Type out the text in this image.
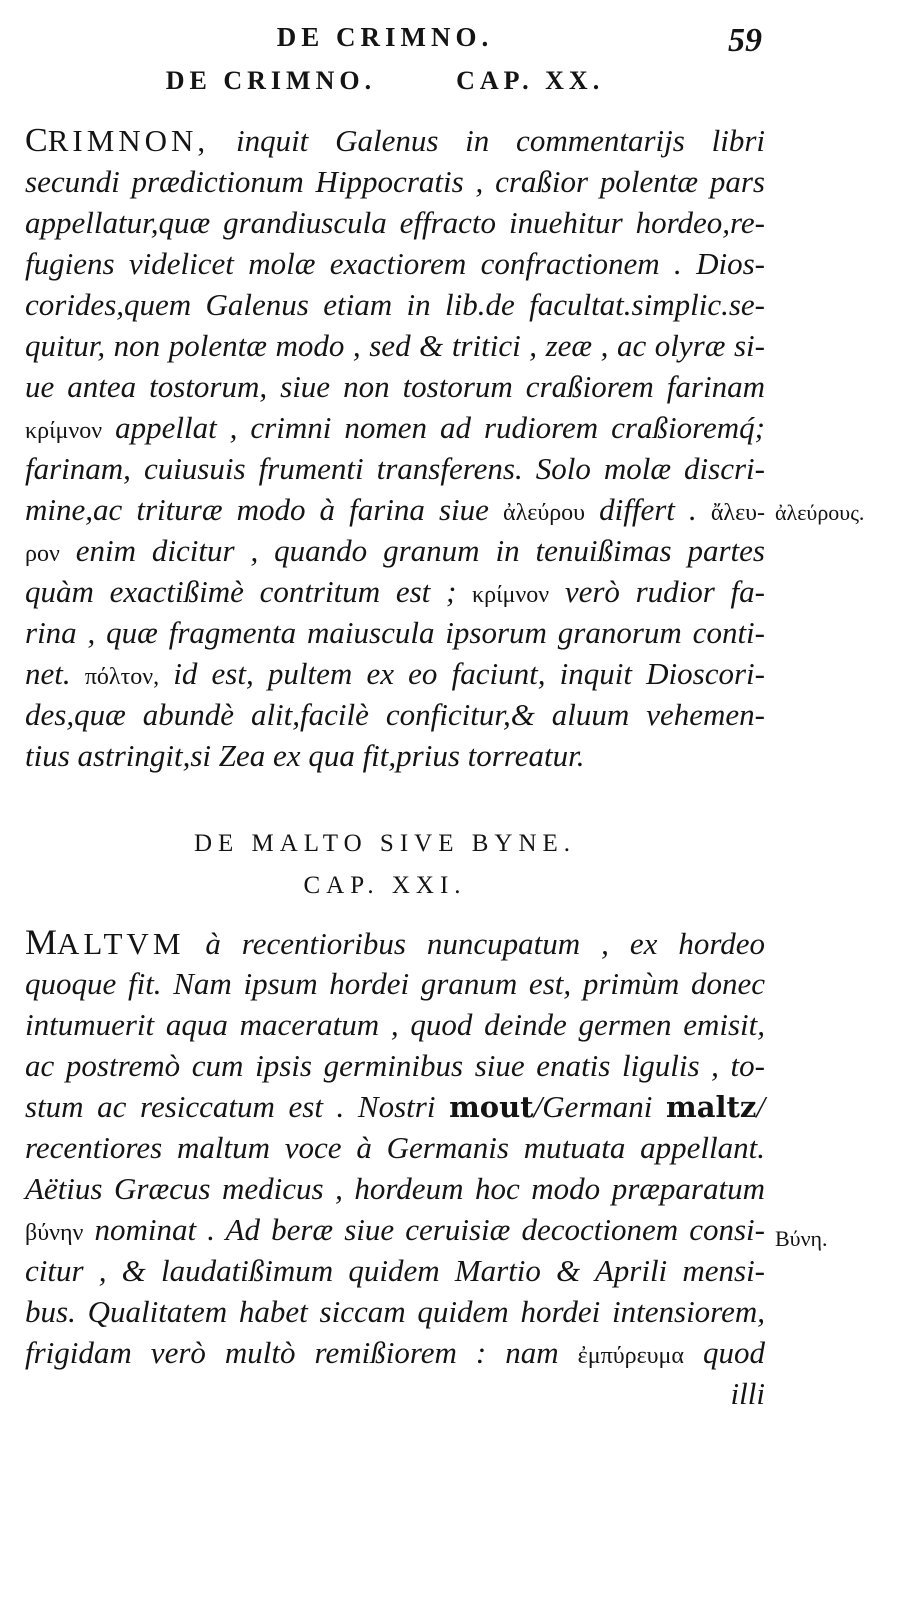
DE CRIMNO.	59
DE CRIMNO.	CAP. XX.
CRIMNON, inquit Galenus in commentarijs libri
secundi prædictionum Hippocratis , craßior polentæ pars
appellatur,quæ grandiuscula effracto inuehitur hordeo,re-
fugiens videlicet molæ exactiorem confractionem . Dios-
corides,quem Galenus etiam in lib.de facultat.simplic.se-
quitur, non polentæ modo , sed & tritici , zeæ , ac olyræ si-
ue antea tostorum, siue non tostorum craßiorem farinam
κρίμνον appellat , crimni nomen ad rudiorem craßioremq́;
farinam, cuiusuis frumenti transferens. Solo molæ discri-
mine,ac trituræ modo à farina siue ἀλεύρου differt . ἄλευ-
ρον enim dicitur , quando granum in tenuißimas partes
quàm exactißimè contritum est ; κρίμνον verò rudior fa-
rina , quæ fragmenta maiuscula ipsorum granorum conti-
net. πόλτον, id est, pultem ex eo faciunt, inquit Dioscori-
des,quæ abundè alit,facilè conficitur,& aluum vehemen-
tius astringit,si Zea ex qua fit,prius torreatur.
ἀλεύρους.
DE MALTO SIVE BYNE.
CAP. XXI.
MALTVM à recentioribus nuncupatum , ex hordeo
quoque fit. Nam ipsum hordei granum est, primùm donec
intumuerit aqua maceratum , quod deinde germen emisit,
ac postremò cum ipsis germinibus siue enatis ligulis , to-
stum ac resiccatum est . Nostri mout/Germani maltz/
recentiores maltum voce à Germanis mutuata appellant.
Aëtius Græcus medicus , hordeum hoc modo præparatum
βύνην nominat . Ad beræ siue ceruisiæ decoctionem consi-
citur , & laudatißimum quidem Martio & Aprili mensi-
bus. Qualitatem habet siccam quidem hordei intensiorem,
frigidam verò multò remißiorem : nam ἐμπύρευμα quod
illi
Βύνη.
